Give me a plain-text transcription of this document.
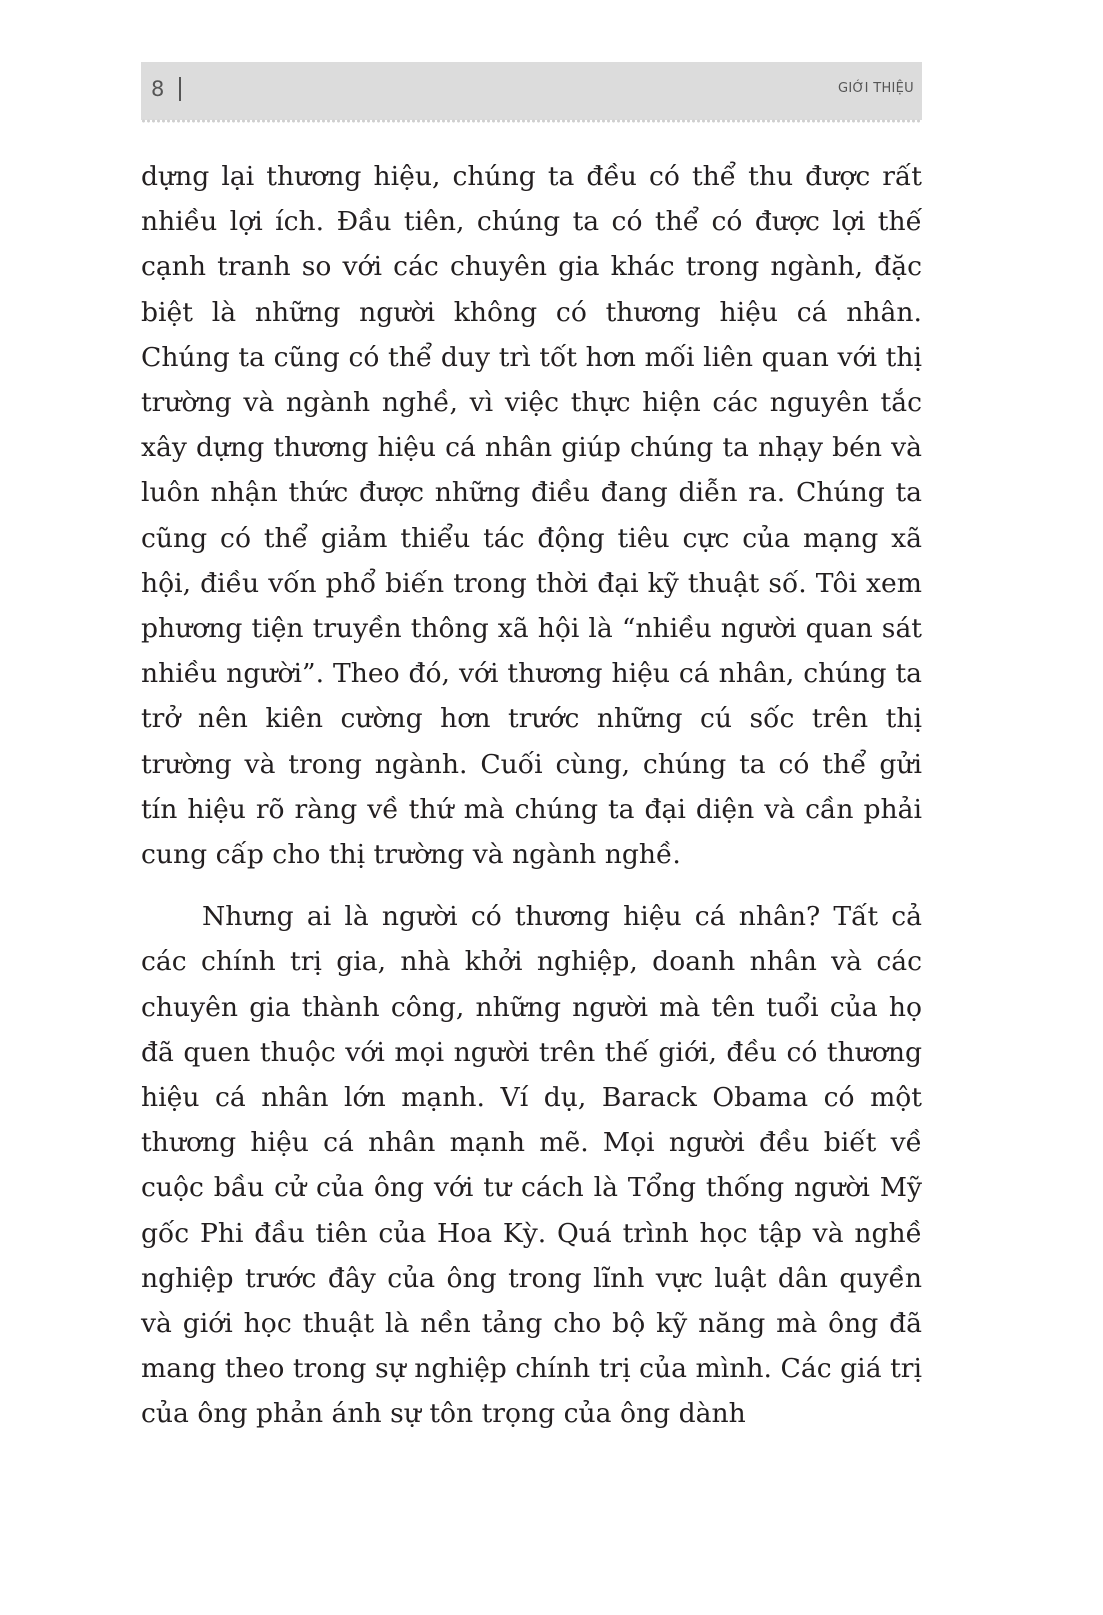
8	GIỚI THIỆU

dựng lại thương hiệu, chúng ta đều có thể thu được rất nhiều lợi ích. Đầu tiên, chúng ta có thể có được lợi thế cạnh tranh so với các chuyên gia khác trong ngành, đặc biệt là những người không có thương hiệu cá nhân. Chúng ta cũng có thể duy trì tốt hơn mối liên quan với thị trường và ngành nghề, vì việc thực hiện các nguyên tắc xây dựng thương hiệu cá nhân giúp chúng ta nhạy bén và luôn nhận thức được những điều đang diễn ra. Chúng ta cũng có thể giảm thiểu tác động tiêu cực của mạng xã hội, điều vốn phổ biến trong thời đại kỹ thuật số. Tôi xem phương tiện truyền thông xã hội là “nhiều người quan sát nhiều người”. Theo đó, với thương hiệu cá nhân, chúng ta trở nên kiên cường hơn trước những cú sốc trên thị trường và trong ngành. Cuối cùng, chúng ta có thể gửi tín hiệu rõ ràng về thứ mà chúng ta đại diện và cần phải cung cấp cho thị trường và ngành nghề.

Nhưng ai là người có thương hiệu cá nhân? Tất cả các chính trị gia, nhà khởi nghiệp, doanh nhân và các chuyên gia thành công, những người mà tên tuổi của họ đã quen thuộc với mọi người trên thế giới, đều có thương hiệu cá nhân lớn mạnh. Ví dụ, Barack Obama có một thương hiệu cá nhân mạnh mẽ. Mọi người đều biết về cuộc bầu cử của ông với tư cách là Tổng thống người Mỹ gốc Phi đầu tiên của Hoa Kỳ. Quá trình học tập và nghề nghiệp trước đây của ông trong lĩnh vực luật dân quyền và giới học thuật là nền tảng cho bộ kỹ năng mà ông đã mang theo trong sự nghiệp chính trị của mình. Các giá trị của ông phản ánh sự tôn trọng của ông dành
